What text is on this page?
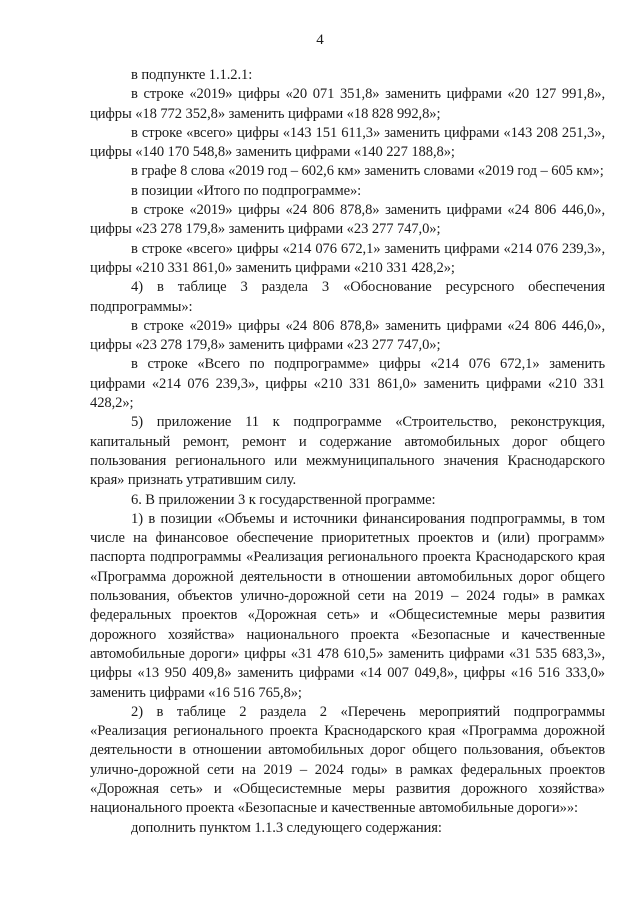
4

в подпункте 1.1.2.1:

в строке «2019» цифры «20 071 351,8» заменить цифрами «20 127 991,8», цифры «18 772 352,8» заменить цифрами «18 828 992,8»;

в строке «всего» цифры «143 151 611,3» заменить цифрами «143 208 251,3», цифры «140 170 548,8» заменить цифрами «140 227 188,8»;

в графе 8 слова «2019 год – 602,6 км» заменить словами «2019 год – 605 км»;

в позиции «Итого по подпрограмме»:

в строке «2019» цифры «24 806 878,8» заменить цифрами «24 806 446,0», цифры «23 278 179,8» заменить цифрами «23 277 747,0»;

в строке «всего» цифры «214 076 672,1» заменить цифрами «214 076 239,3», цифры «210 331 861,0» заменить цифрами «210 331 428,2»;

4) в таблице 3 раздела 3 «Обоснование ресурсного обеспечения подпрограммы»:

в строке «2019» цифры «24 806 878,8» заменить цифрами «24 806 446,0», цифры «23 278 179,8» заменить цифрами «23 277 747,0»;

в строке «Всего по подпрограмме» цифры «214 076 672,1» заменить цифрами «214 076 239,3», цифры «210 331 861,0» заменить цифрами «210 331 428,2»;

5) приложение 11 к подпрограмме «Строительство, реконструкция, капитальный ремонт, ремонт и содержание автомобильных дорог общего пользования регионального или межмуниципального значения Краснодарского края» признать утратившим силу.

6. В приложении 3 к государственной программе:

1) в позиции «Объемы и источники финансирования подпрограммы, в том числе на финансовое обеспечение приоритетных проектов и (или) программ» паспорта подпрограммы «Реализация регионального проекта Краснодарского края «Программа дорожной деятельности в отношении автомобильных дорог общего пользования, объектов улично-дорожной сети на 2019 – 2024 годы» в рамках федеральных проектов «Дорожная сеть» и «Общесистемные меры развития дорожного хозяйства» национального проекта «Безопасные и качественные автомобильные дороги» цифры «31 478 610,5» заменить цифрами «31 535 683,3», цифры «13 950 409,8» заменить цифрами «14 007 049,8», цифры «16 516 333,0» заменить цифрами «16 516 765,8»;

2) в таблице 2 раздела 2 «Перечень мероприятий подпрограммы «Реализация регионального проекта Краснодарского края «Программа дорожной деятельности в отношении автомобильных дорог общего пользования, объектов улично-дорожной сети на 2019 – 2024 годы» в рамках федеральных проектов «Дорожная сеть» и «Общесистемные меры развития дорожного хозяйства» национального проекта «Безопасные и качественные автомобильные дороги»»:

дополнить пунктом 1.1.3 следующего содержания:
